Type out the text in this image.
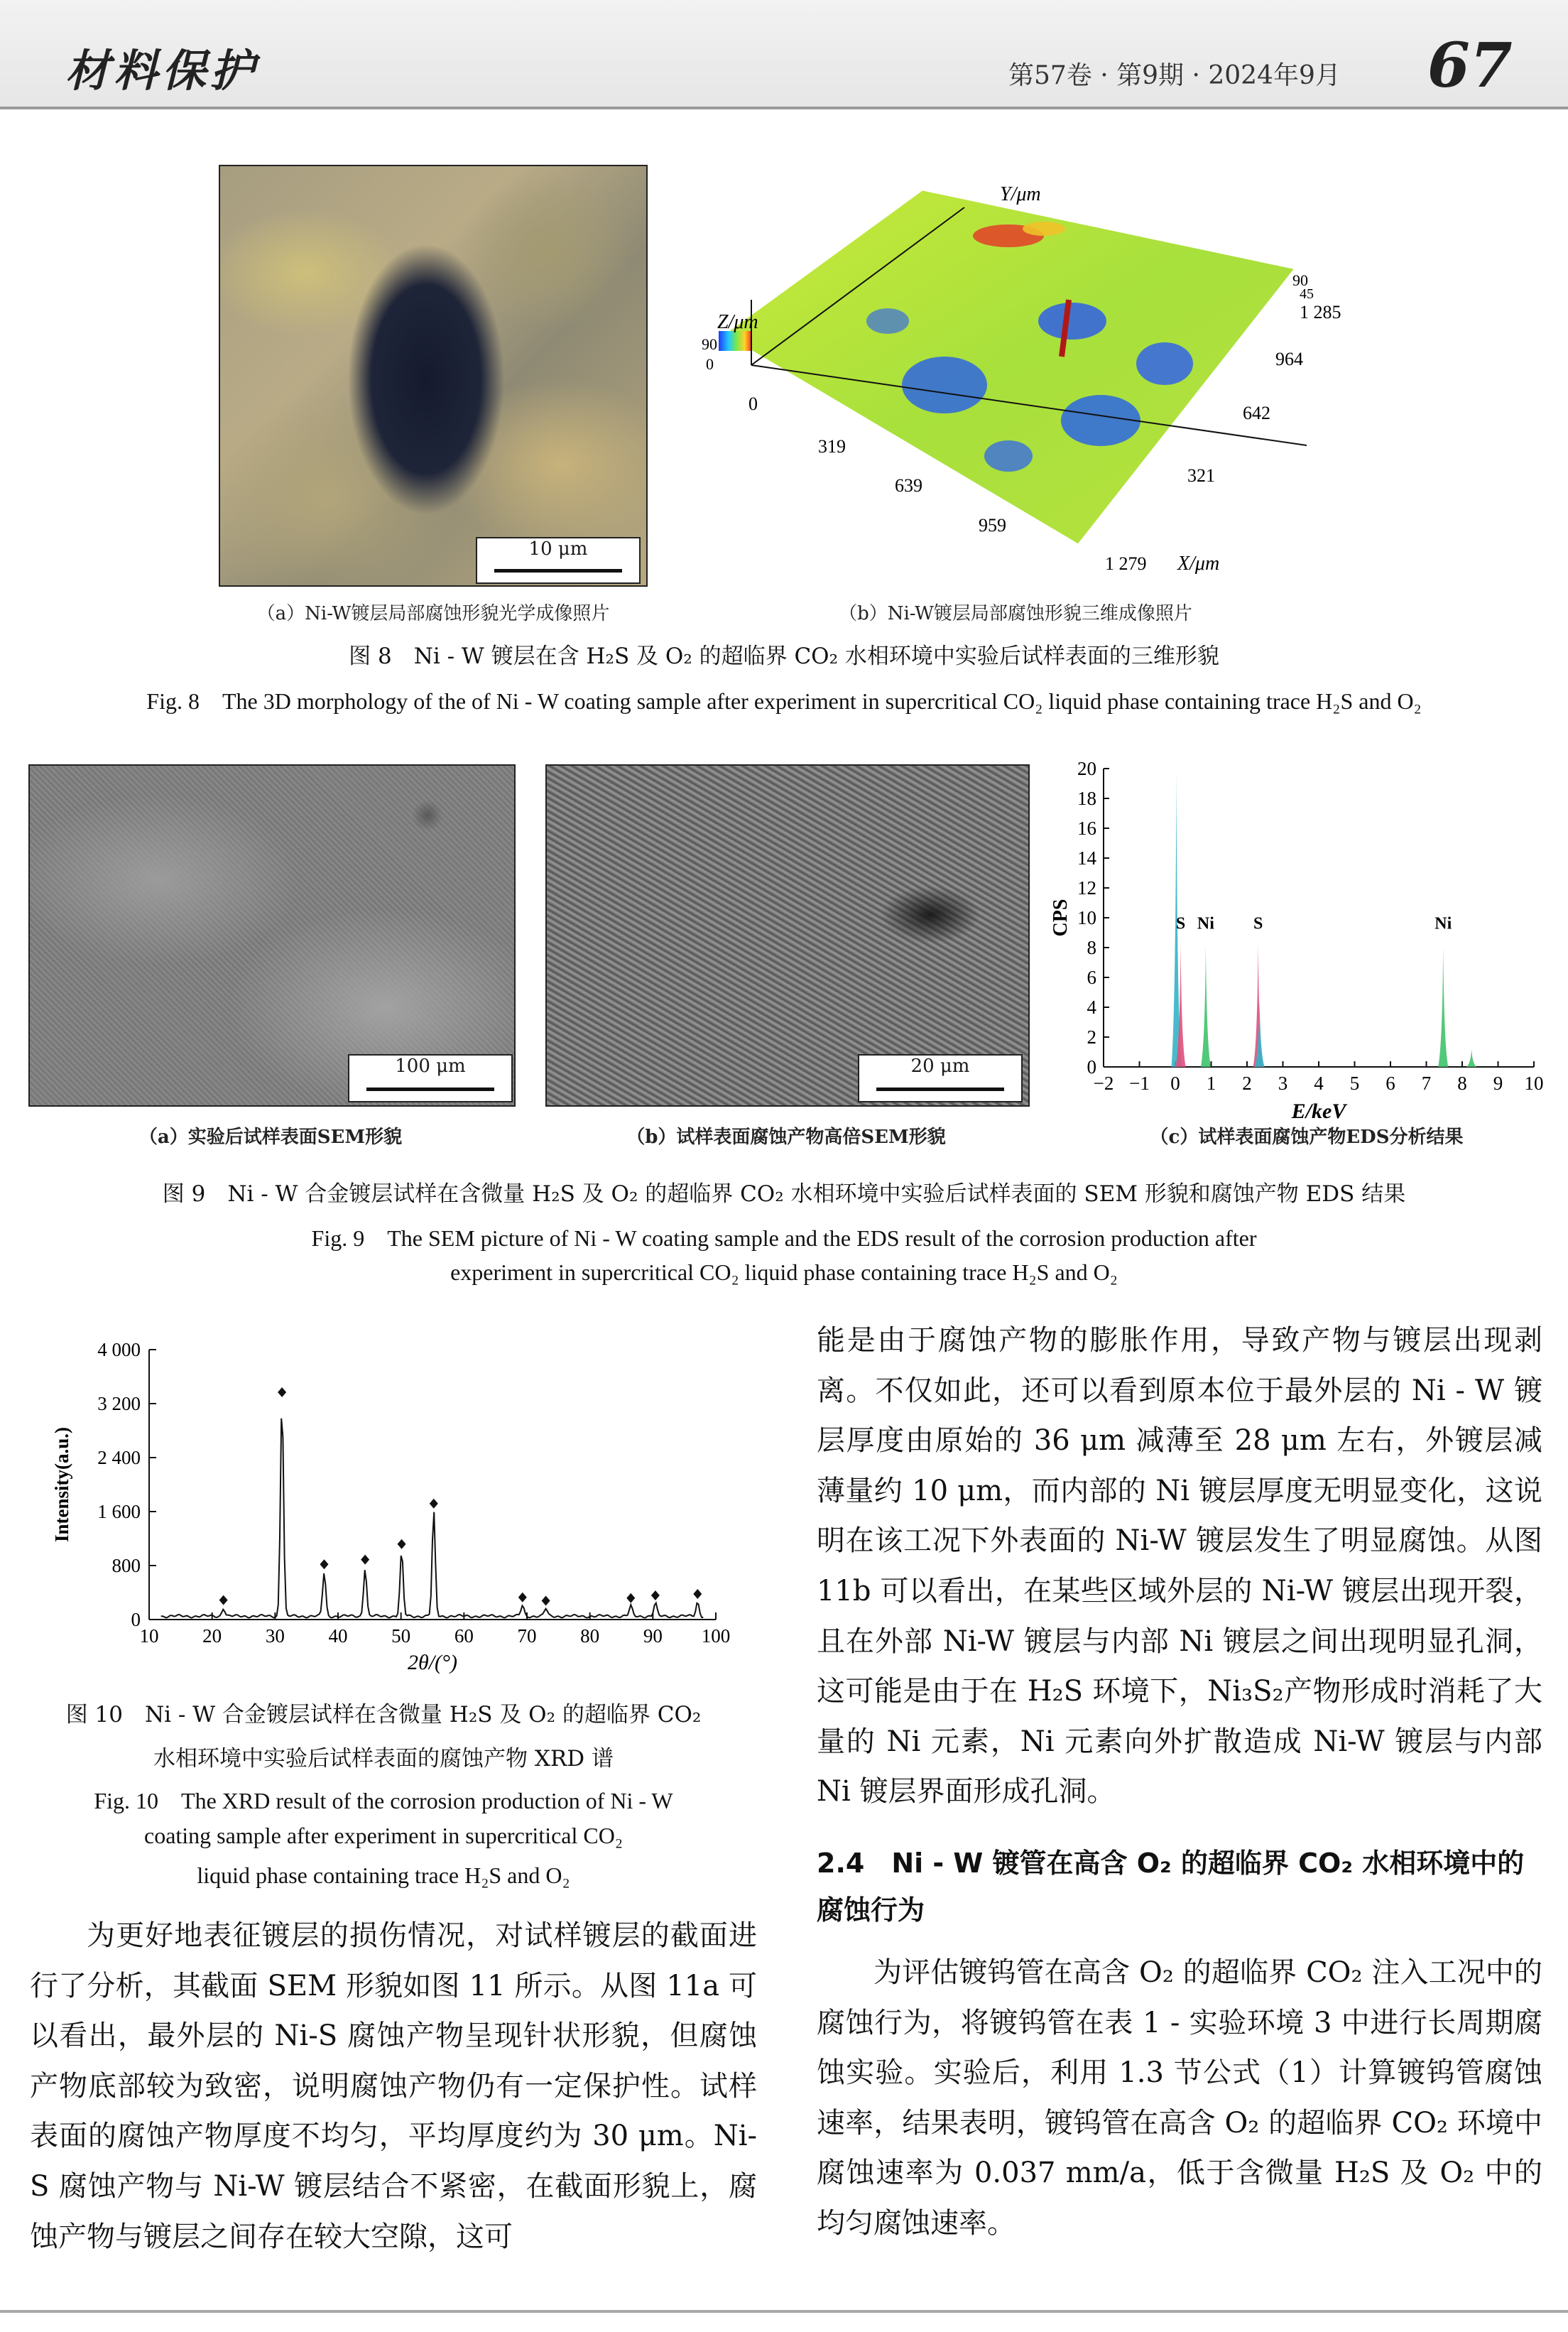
材料保护	第57卷 · 第9期 · 2024年9月 67
10 μm
（a）Ni-W镀层局部腐蚀形貌光学成像照片
Z/μm
90
0
0
Y/μm
90
45
1 285
964
642
321
319
639
959
1 279 X/μm
（b）Ni-W镀层局部腐蚀形貌三维成像照片
图 8　Ni - W 镀层在含 H₂S 及 O₂ 的超临界 CO₂ 水相环境中实验后试样表面的三维形貌
Fig. 8　The 3D morphology of the of Ni - W coating sample after experiment in supercritical CO₂ liquid phase containing trace H₂S and O₂
100 μm
（a）实验后试样表面SEM形貌
20 μm
（b）试样表面腐蚀产物高倍SEM形貌
0
2
4
6
8
10
12
14
16
18
20
−2 −1 0 1 2 3 4 5 6 7 8 9 10
S Ni S	Ni
E/keV
CPS
（c）试样表面腐蚀产物EDS分析结果
图 9　Ni - W 合金镀层试样在含微量 H₂S 及 O₂ 的超临界 CO₂ 水相环境中实验后试样表面的 SEM 形貌和腐蚀产物 EDS 结果
Fig. 9　The SEM picture of Ni - W coating sample and the EDS result of the corrosion production after
experiment in supercritical CO₂ liquid phase containing trace H₂S and O₂
0
800
1 600
2 400
3 200
4 000
10 20 30 40 50 60 70 80 90 100
2θ/(°)
Intensity(a.u.)
图 10　Ni - W 合金镀层试样在含微量 H₂S 及 O₂ 的超临界 CO₂
水相环境中实验后试样表面的腐蚀产物 XRD 谱
Fig. 10　The XRD result of the corrosion production of Ni - W
coating sample after experiment in supercritical CO₂
liquid phase containing trace H₂S and O₂

为更好地表征镀层的损伤情况，对试样镀层的截面进行了分析，其截面 SEM 形貌如图 11 所示。从图 11a 可以看出，最外层的 Ni-S 腐蚀产物呈现针状形貌，但腐蚀产物底部较为致密，说明腐蚀产物仍有一定保护性。试样表面的腐蚀产物厚度不均匀，平均厚度约为 30 μm。Ni-S 腐蚀产物与 Ni-W 镀层结合不紧密，在截面形貌上，腐蚀产物与镀层之间存在较大空隙，这可

能是由于腐蚀产物的膨胀作用，导致产物与镀层出现剥离。不仅如此，还可以看到原本位于最外层的 Ni - W 镀层厚度由原始的 36 μm 减薄至 28 μm 左右，外镀层减薄量约 10 μm，而内部的 Ni 镀层厚度无明显变化，这说明在该工况下外表面的 Ni-W 镀层发生了明显腐蚀。从图 11b 可以看出，在某些区域外层的 Ni-W 镀层出现开裂，且在外部 Ni-W 镀层与内部 Ni 镀层之间出现明显孔洞，这可能是由于在 H₂S 环境下，Ni₃S₂产物形成时消耗了大量的 Ni 元素，Ni 元素向外扩散造成 Ni-W 镀层与内部 Ni 镀层界面形成孔洞。

2.4　Ni - W 镀管在高含 O₂ 的超临界 CO₂ 水相环境中的腐蚀行为

为评估镀钨管在高含 O₂ 的超临界 CO₂ 注入工况中的腐蚀行为，将镀钨管在表 1 - 实验环境 3 中进行长周期腐蚀实验。实验后，利用 1.3 节公式（1）计算镀钨管腐蚀速率，结果表明，镀钨管在高含 O₂ 的超临界 CO₂ 环境中腐蚀速率为 0.037 mm/a，低于含微量 H₂S 及 O₂ 中的均匀腐蚀速率。
